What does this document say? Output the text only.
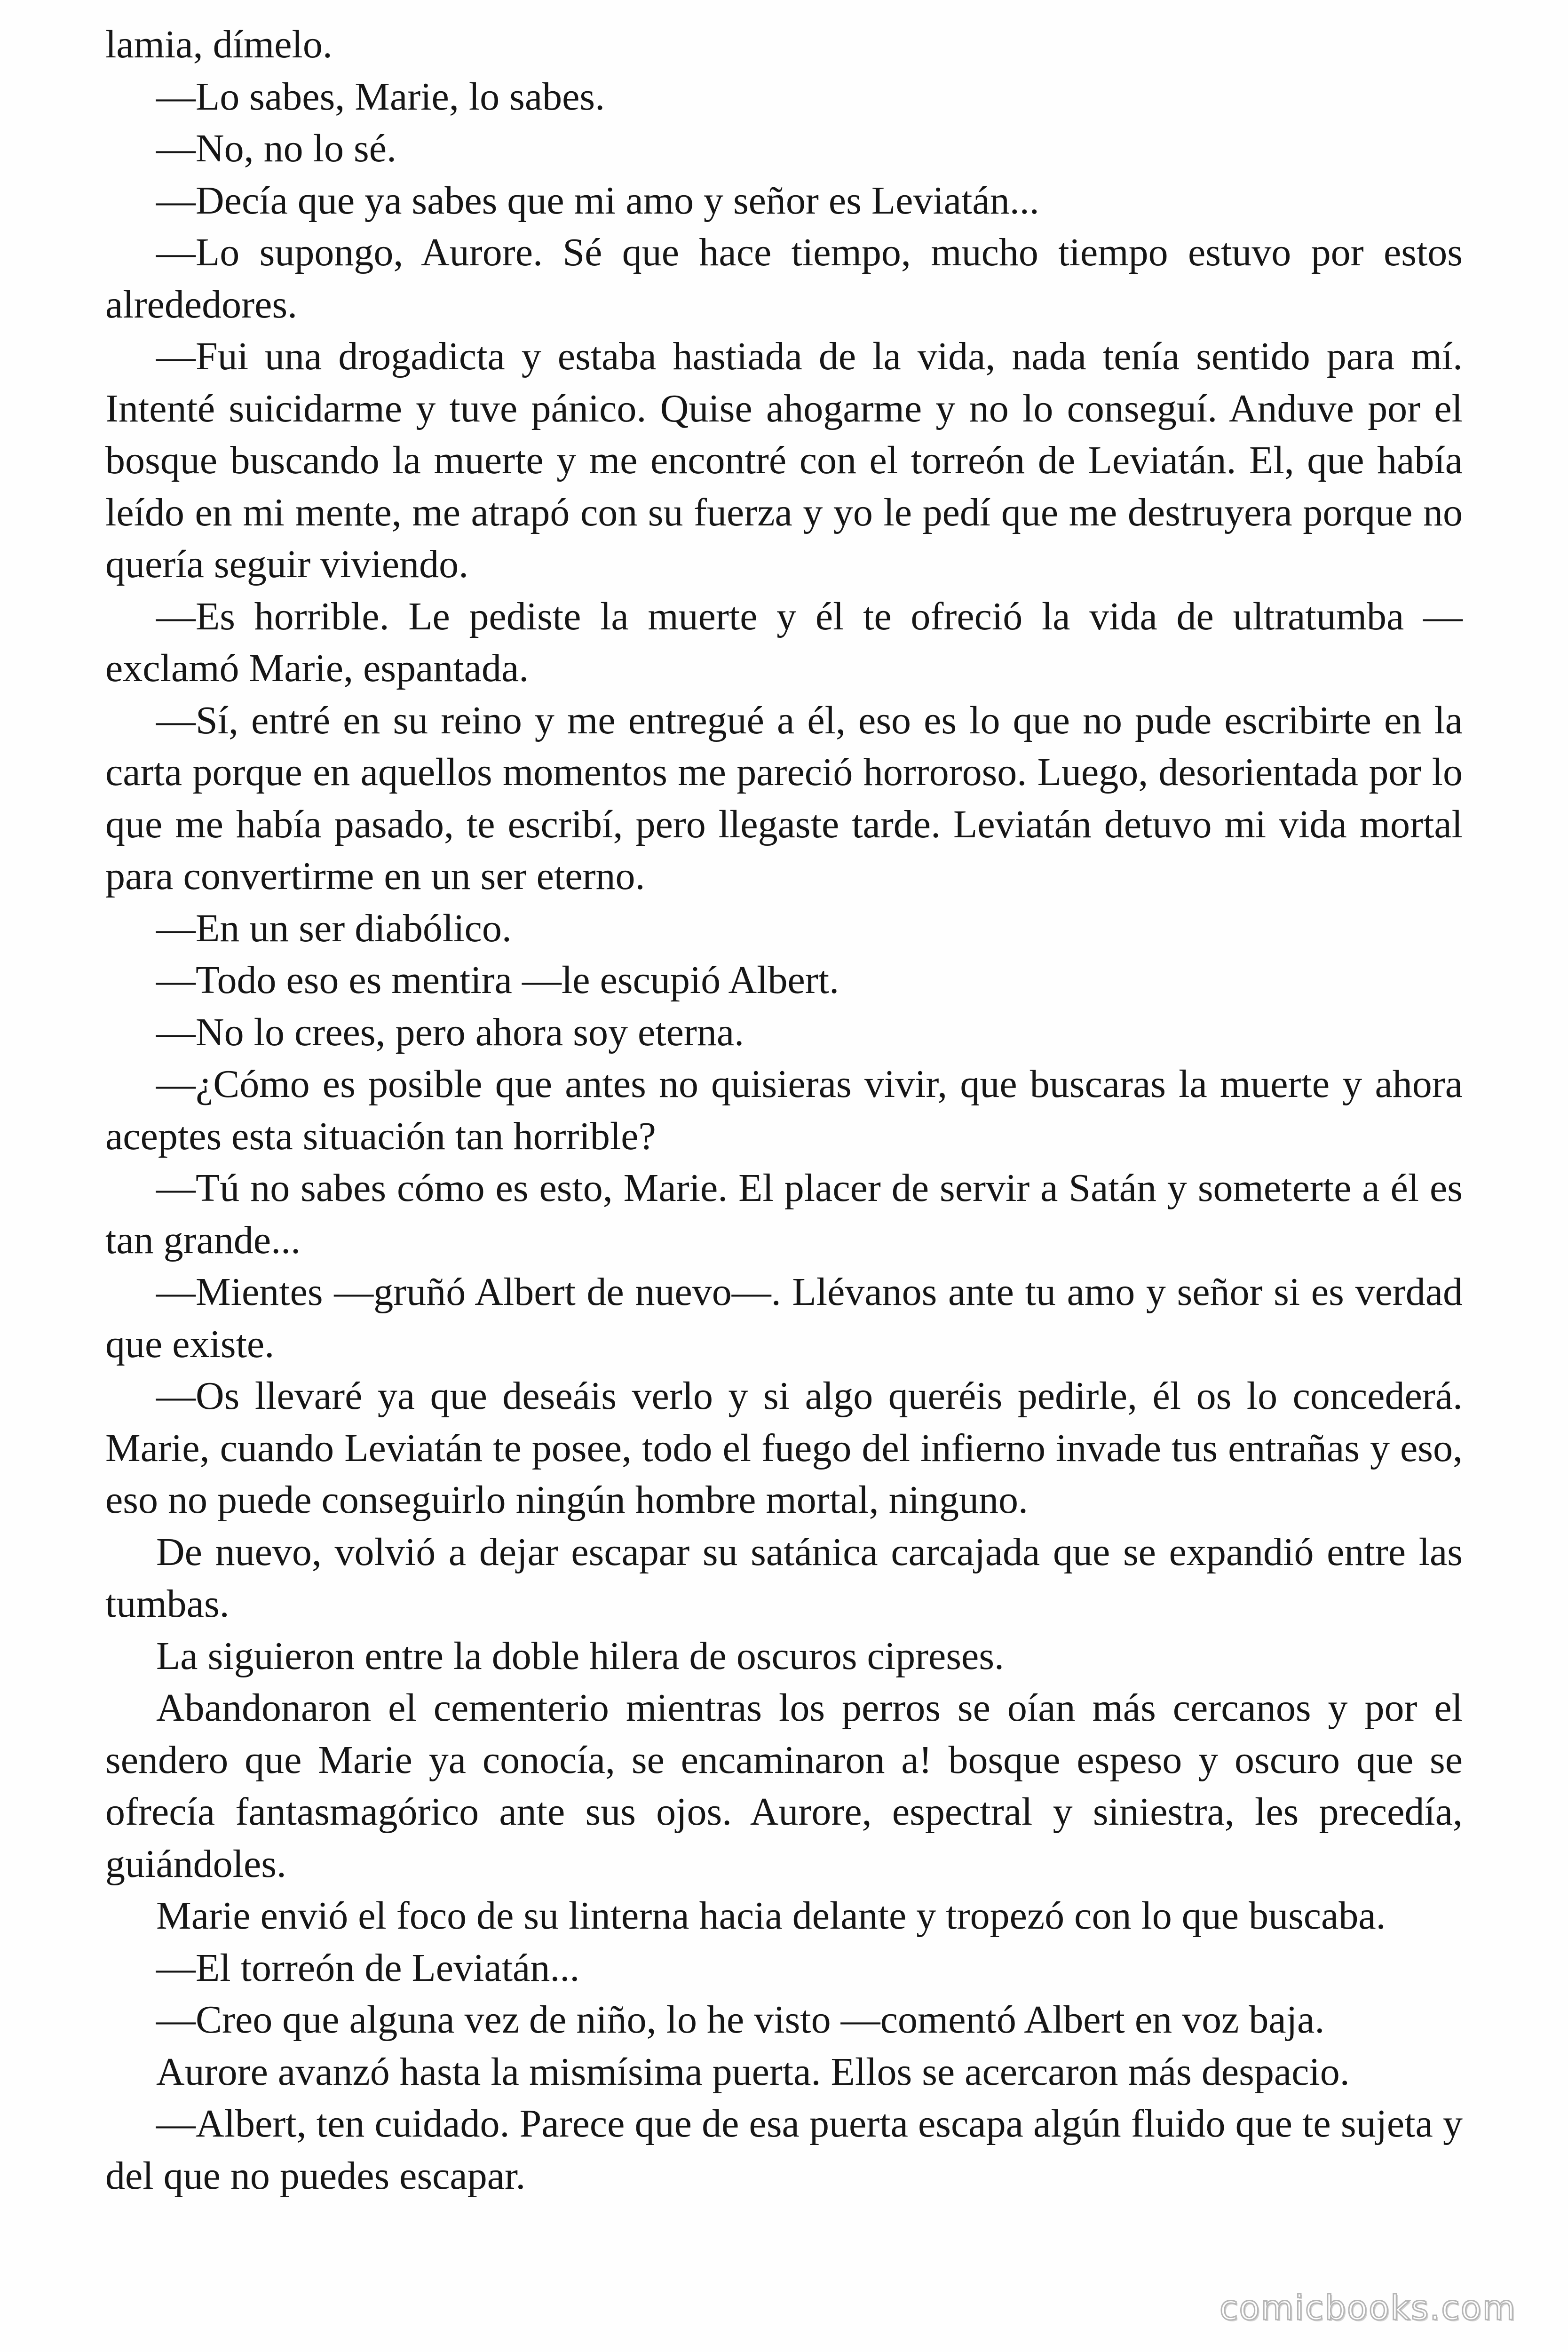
lamia, dímelo.

—Lo sabes, Marie, lo sabes.

—No, no lo sé.

—Decía que ya sabes que mi amo y señor es Leviatán...

—Lo supongo, Aurore. Sé que hace tiempo, mucho tiempo estuvo por estos alrededores.

—Fui una drogadicta y estaba hastiada de la vida, nada tenía sentido para mí. Intenté suicidarme y tuve pánico. Quise ahogarme y no lo conseguí. Anduve por el bosque buscando la muerte y me encontré con el torreón de Leviatán. El, que había leído en mi mente, me atrapó con su fuerza y yo le pedí que me destruyera porque no quería seguir viviendo.

—Es horrible. Le pediste la muerte y él te ofreció la vida de ultratumba —exclamó Marie, espantada.

—Sí, entré en su reino y me entregué a él, eso es lo que no pude escribirte en la carta porque en aquellos momentos me pareció horroroso. Luego, desorientada por lo que me había pasado, te escribí, pero llegaste tarde. Leviatán detuvo mi vida mortal para convertirme en un ser eterno.

—En un ser diabólico.

—Todo eso es mentira —le escupió Albert.

—No lo crees, pero ahora soy eterna.

—¿Cómo es posible que antes no quisieras vivir, que buscaras la muerte y ahora aceptes esta situación tan horrible?

—Tú no sabes cómo es esto, Marie. El placer de servir a Satán y someterte a él es tan grande...

—Mientes —gruñó Albert de nuevo—. Llévanos ante tu amo y señor si es verdad que existe.

—Os llevaré ya que deseáis verlo y si algo queréis pedirle, él os lo concederá. Marie, cuando Leviatán te posee, todo el fuego del infierno invade tus entrañas y eso, eso no puede conseguirlo ningún hombre mortal, ninguno.

De nuevo, volvió a dejar escapar su satánica carcajada que se expandió entre las tumbas.

La siguieron entre la doble hilera de oscuros cipreses.

Abandonaron el cementerio mientras los perros se oían más cercanos y por el sendero que Marie ya conocía, se encaminaron a! bosque espeso y oscuro que se ofrecía fantasmagórico ante sus ojos. Aurore, espectral y siniestra, les precedía, guiándoles.

Marie envió el foco de su linterna hacia delante y tropezó con lo que buscaba.

—El torreón de Leviatán...

—Creo que alguna vez de niño, lo he visto —comentó Albert en voz baja.

Aurore avanzó hasta la mismísima puerta. Ellos se acercaron más despacio.

—Albert, ten cuidado. Parece que de esa puerta escapa algún fluido que te sujeta y del que no puedes escapar.

comicbooks.com
